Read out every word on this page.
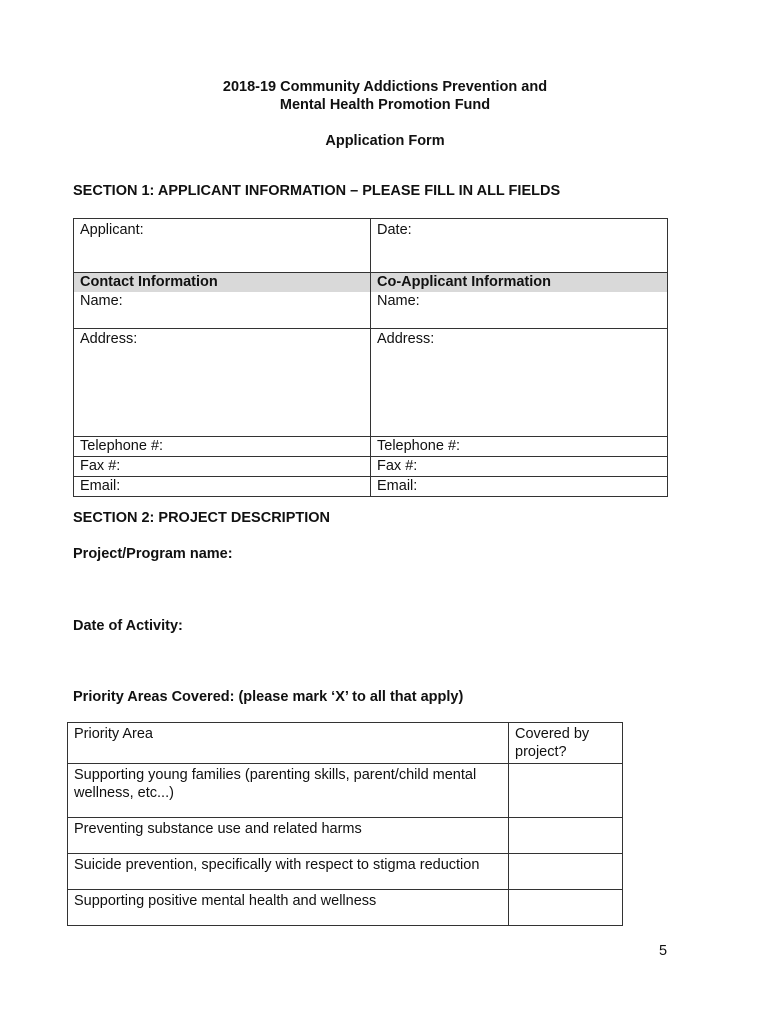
2018-19 Community Addictions Prevention and
Mental Health Promotion Fund
Application Form
SECTION 1: APPLICANT INFORMATION – PLEASE FILL IN ALL FIELDS
Applicant:	Date:
Contact Information	Co-Applicant Information
Name:	Name:
Address:	Address:
Telephone #:	Telephone #:
Fax #:	Fax #:
Email:	Email:
SECTION 2: PROJECT DESCRIPTION
Project/Program name:
Date of Activity:
Priority Areas Covered: (please mark ‘X’ to all that apply)
Priority Area	Covered by project?
Supporting young families (parenting skills, parent/child mental wellness, etc...)	
Preventing substance use and related harms	
Suicide prevention, specifically with respect to stigma reduction	
Supporting positive mental health and wellness	
5
